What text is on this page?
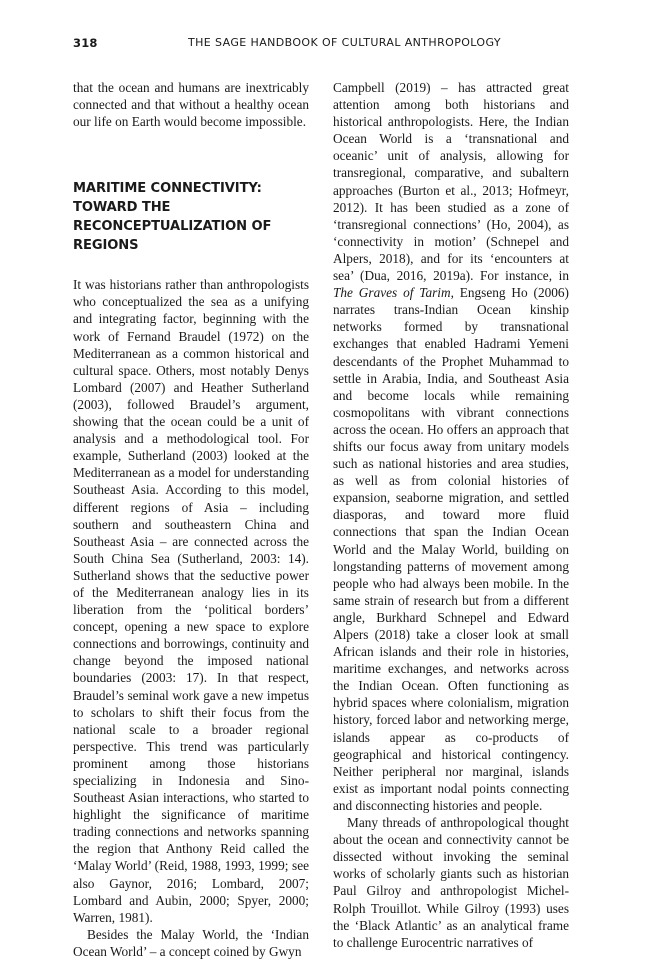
318	THE SAGE HANDBOOK OF CULTURAL ANTHROPOLOGY

that the ocean and humans are inextricably connected and that without a healthy ocean our life on Earth would become impossible.

MARITIME CONNECTIVITY: TOWARD THE RECONCEPTUALIZATION OF REGIONS

It was historians rather than anthropologists who conceptualized the sea as a unifying and integrating factor, beginning with the work of Fernand Braudel (1972) on the Mediterranean as a common historical and cultural space. Others, most notably Denys Lombard (2007) and Heather Sutherland (2003), followed Braudel’s argument, showing that the ocean could be a unit of analysis and a methodological tool. For example, Sutherland (2003) looked at the Mediterranean as a model for understanding Southeast Asia. According to this model, different regions of Asia – including southern and southeastern China and Southeast Asia – are connected across the South China Sea (Sutherland, 2003: 14). Sutherland shows that the seductive power of the Mediterranean analogy lies in its liberation from the ‘political borders’ concept, opening a new space to explore connections and borrowings, continuity and change beyond the imposed national boundaries (2003: 17). In that respect, Braudel’s seminal work gave a new impetus to scholars to shift their focus from the national scale to a broader regional perspective. This trend was particularly prominent among those historians specializing in Indonesia and Sino-Southeast Asian interactions, who started to highlight the significance of maritime trading connections and networks spanning the region that Anthony Reid called the ‘Malay World’ (Reid, 1988, 1993, 1999; see also Gaynor, 2016; Lombard, 2007; Lombard and Aubin, 2000; Spyer, 2000; Warren, 1981).

Besides the Malay World, the ‘Indian Ocean World’ – a concept coined by Gwyn

Campbell (2019) – has attracted great attention among both historians and historical anthropologists. Here, the Indian Ocean World is a ‘transnational and oceanic’ unit of analysis, allowing for transregional, comparative, and subaltern approaches (Burton et al., 2013; Hofmeyr, 2012). It has been studied as a zone of ‘transregional connections’ (Ho, 2004), as ‘connectivity in motion’ (Schnepel and Alpers, 2018), and for its ‘encounters at sea’ (Dua, 2016, 2019a). For instance, in The Graves of Tarim, Engseng Ho (2006) narrates trans-Indian Ocean kinship networks formed by transnational exchanges that enabled Hadrami Yemeni descendants of the Prophet Muhammad to settle in Arabia, India, and Southeast Asia and become locals while remaining cosmopolitans with vibrant connections across the ocean. Ho offers an approach that shifts our focus away from unitary models such as national histories and area studies, as well as from colonial histories of expansion, seaborne migration, and settled diasporas, and toward more fluid connections that span the Indian Ocean World and the Malay World, building on longstanding patterns of movement among people who had always been mobile. In the same strain of research but from a different angle, Burkhard Schnepel and Edward Alpers (2018) take a closer look at small African islands and their role in histories, maritime exchanges, and networks across the Indian Ocean. Often functioning as hybrid spaces where colonialism, migration history, forced labor and networking merge, islands appear as co-products of geographical and historical contingency. Neither peripheral nor marginal, islands exist as important nodal points connecting and disconnecting histories and people.

Many threads of anthropological thought about the ocean and connectivity cannot be dissected without invoking the seminal works of scholarly giants such as historian Paul Gilroy and anthropologist Michel-Rolph Trouillot. While Gilroy (1993) uses the ‘Black Atlantic’ as an analytical frame to challenge Eurocentric narratives of
